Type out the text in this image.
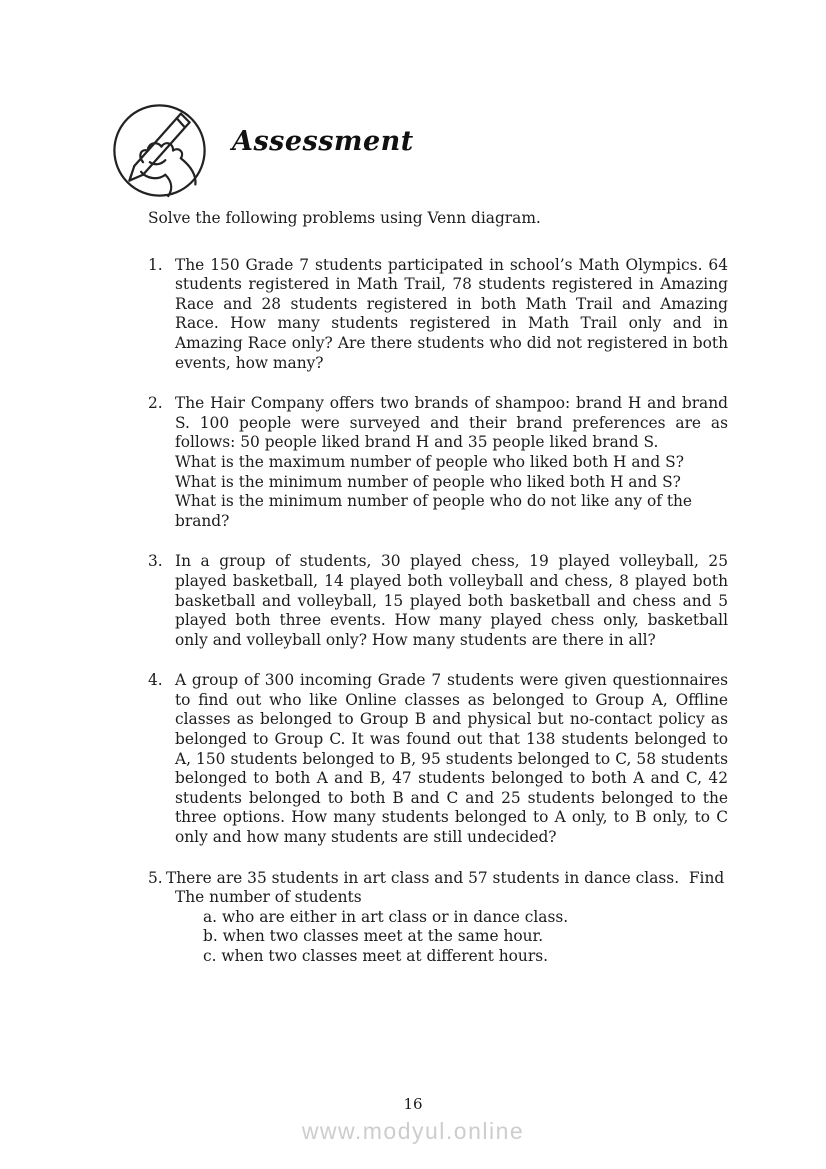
Assessment

Solve the following problems using Venn diagram.

1. The 150 Grade 7 students participated in school’s Math Olympics. 64 students registered in Math Trail, 78 students registered in Amazing Race and 28 students registered in both Math Trail and Amazing Race. How many students registered in Math Trail only and in Amazing Race only? Are there students who did not registered in both events, how many?

2. The Hair Company offers two brands of shampoo: brand H and brand S. 100 people were surveyed and their brand preferences are as follows: 50 people liked brand H and 35 people liked brand S.

What is the maximum number of people who liked both H and S?

What is the minimum number of people who liked both H and S?

What is the minimum number of people who do not like any of the brand?

3. In a group of students, 30 played chess, 19 played volleyball, 25 played basketball, 14 played both volleyball and chess, 8 played both basketball and volleyball, 15 played both basketball and chess and 5 played both three events. How many played chess only, basketball only and volleyball only? How many students are there in all?

4. A group of 300 incoming Grade 7 students were given questionnaires to find out who like Online classes as belonged to Group A, Offline classes as belonged to Group B and physical but no-contact policy as belonged to Group C. It was found out that 138 students belonged to A, 150 students belonged to B, 95 students belonged to C, 58 students belonged to both A and B, 47 students belonged to both A and C, 42 students belonged to both B and C and 25 students belonged to the three options. How many students belonged to A only, to B only, to C only and how many students are still undecided?

5. There are 35 students in art class and 57 students in dance class.  Find

The number of students

a. who are either in art class or in dance class.

b. when two classes meet at the same hour.

c. when two classes meet at different hours.

16
www.modyul.online
